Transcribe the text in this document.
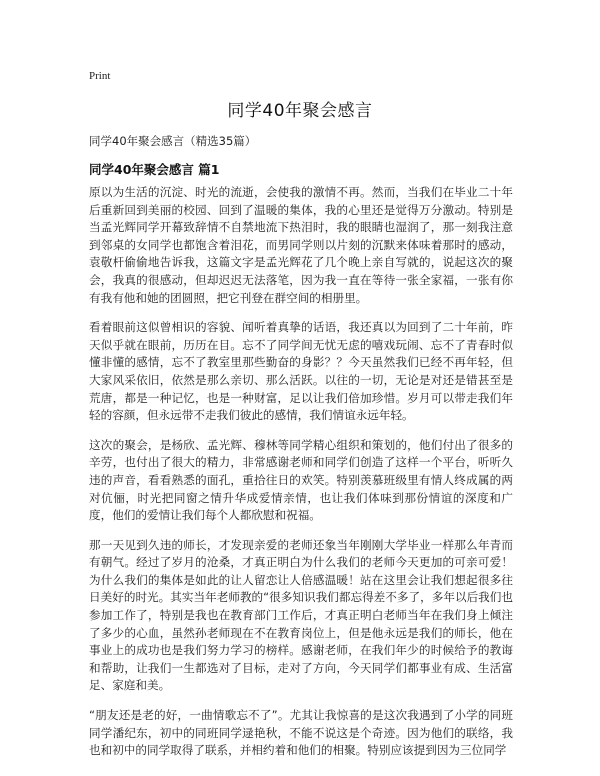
Print
同学40年聚会感言
同学40年聚会感言（精选35篇）
同学40年聚会感言 篇1

原以为生活的沉淀、时光的流逝，会使我的激情不再。然而，当我们在毕业二十年后重新回到美丽的校园、回到了温暖的集体，我的心里还是觉得万分激动。特别是当孟光辉同学开幕致辞情不自禁地流下热泪时，我的眼睛也湿润了，那一刻我注意到邻桌的女同学也都饱含着泪花，而男同学则以片刻的沉默来体味着那时的感动，袁敬杆偷偷地告诉我，这篇文字是孟光辉花了几个晚上亲自写就的，说起这次的聚会，我真的很感动，但却迟迟无法落笔，因为我一直在等待一张全家福，一张有你有我有他和她的团圆照，把它刊登在群空间的相册里。

看着眼前这似曾相识的容貌、闻听着真挚的话语，我还真以为回到了二十年前，昨天似乎就在眼前，历历在目。忘不了同学间无忧无虑的嘻戏玩闹、忘不了青春时似懂非懂的感情，忘不了教室里那些勤奋的身影？？今天虽然我们已经不再年轻，但大家风采依旧，依然是那么亲切、那么活跃。以往的一切，无论是对还是错甚至是荒唐，都是一种记忆，也是一种财富，足以让我们倍加珍惜。岁月可以带走我们年轻的容颜，但永远带不走我们彼此的感情，我们情谊永远年轻。

这次的聚会，是杨欣、孟光辉、穆林等同学精心组织和策划的，他们付出了很多的辛劳，也付出了很大的精力，非常感谢老师和同学们创造了这样一个平台，听听久违的声音，看看熟悉的面孔，重拾往日的欢笑。特别羡慕班级里有情人终成属的两对伉俪，时光把同窗之情升华成爱情亲情，也让我们体味到那份情谊的深度和广度，他们的爱情让我们每个人都欣慰和祝福。

那一天见到久违的师长，才发现亲爱的老师还象当年刚刚大学毕业一样那么年青而有朝气。经过了岁月的沧桑，才真正明白为什么我们的老师今天更加的可亲可爱！为什么我们的集体是如此的让人留恋让人倍感温暖！站在这里会让我们想起很多往日美好的时光。其实当年老师教的“很多知识我们都忘得差不多了，多年以后我们也参加工作了，特别是我也在教育部门工作后，才真正明白老师当年在我们身上倾注了多少的心血，虽然孙老师现在不在教育岗位上，但是他永远是我们的师长，他在事业上的成功也是我们努力学习的榜样。感谢老师，在我们年少的时候给予的教诲和帮助，让我们一生都选对了目标，走对了方向，今天同学们都事业有成、生活富足、家庭和美。

“朋友还是老的好，一曲情歌忘不了”。尤其让我惊喜的是这次我遇到了小学的同班同学潘纪东，初中的同班同学逯艳秋，不能不说这是个奇迹。因为他们的联络，我也和初中的同学取得了联系，并相约着和他们的相聚。特别应该提到因为三位同学
